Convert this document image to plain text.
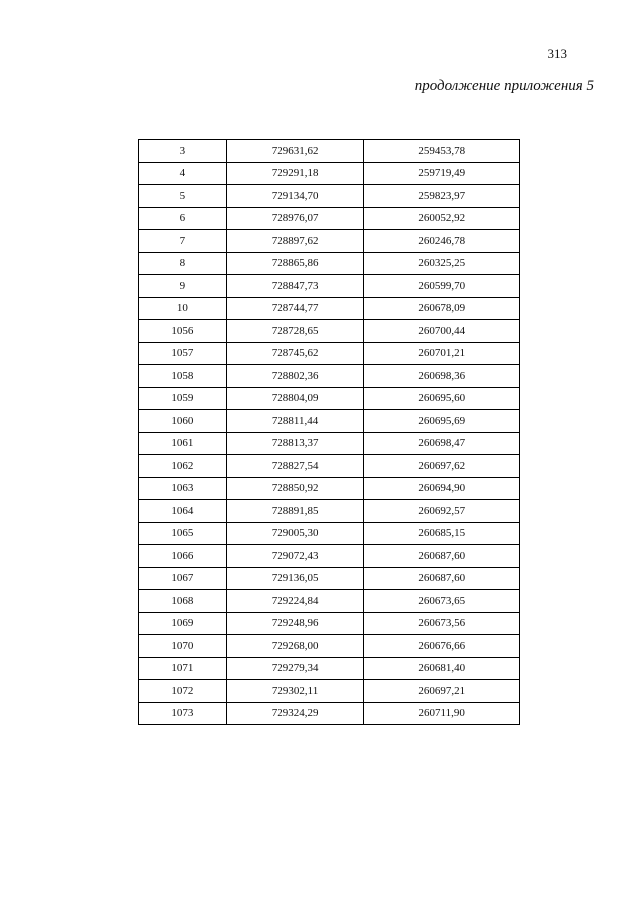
313
продолжение приложения 5
3	729631,62	259453,78
4	729291,18	259719,49
5	729134,70	259823,97
6	728976,07	260052,92
7	728897,62	260246,78
8	728865,86	260325,25
9	728847,73	260599,70
10	728744,77	260678,09
1056	728728,65	260700,44
1057	728745,62	260701,21
1058	728802,36	260698,36
1059	728804,09	260695,60
1060	728811,44	260695,69
1061	728813,37	260698,47
1062	728827,54	260697,62
1063	728850,92	260694,90
1064	728891,85	260692,57
1065	729005,30	260685,15
1066	729072,43	260687,60
1067	729136,05	260687,60
1068	729224,84	260673,65
1069	729248,96	260673,56
1070	729268,00	260676,66
1071	729279,34	260681,40
1072	729302,11	260697,21
1073	729324,29	260711,90
